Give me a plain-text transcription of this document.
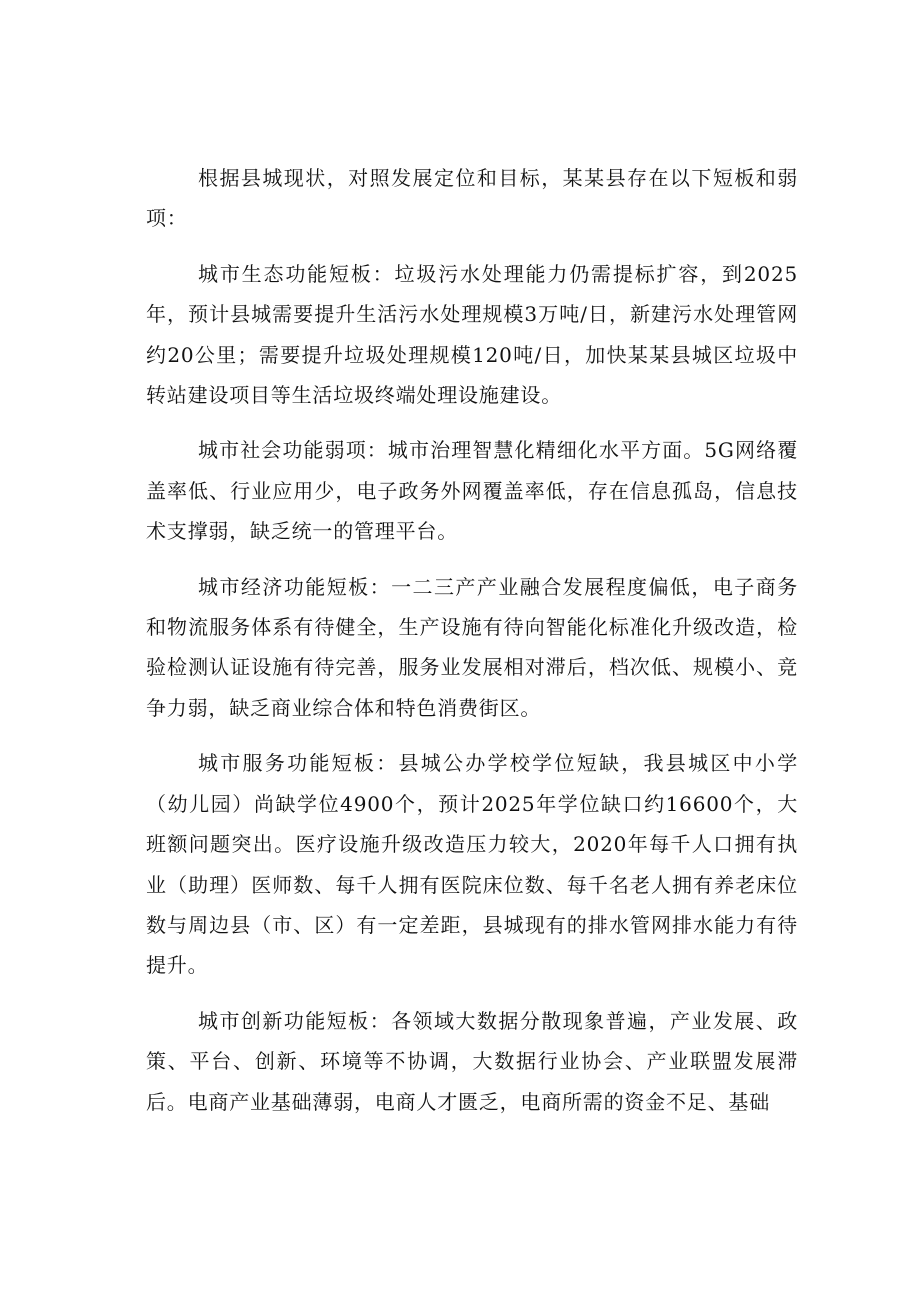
根据县城现状，对照发展定位和目标，某某县存在以下短板和弱项：

城市生态功能短板：垃圾污水处理能力仍需提标扩容，到2025年，预计县城需要提升生活污水处理规模3万吨/日，新建污水处理管网约20公里；需要提升垃圾处理规模120吨/日，加快某某县城区垃圾中转站建设项目等生活垃圾终端处理设施建设。

城市社会功能弱项：城市治理智慧化精细化水平方面。5G网络覆盖率低、行业应用少，电子政务外网覆盖率低，存在信息孤岛，信息技术支撑弱，缺乏统一的管理平台。

城市经济功能短板：一二三产产业融合发展程度偏低，电子商务和物流服务体系有待健全，生产设施有待向智能化标准化升级改造，检验检测认证设施有待完善，服务业发展相对滞后，档次低、规模小、竞争力弱，缺乏商业综合体和特色消费街区。

城市服务功能短板：县城公办学校学位短缺，我县城区中小学（幼儿园）尚缺学位4900个，预计2025年学位缺口约16600个，大班额问题突出。医疗设施升级改造压力较大，2020年每千人口拥有执业（助理）医师数、每千人拥有医院床位数、每千名老人拥有养老床位数与周边县（市、区）有一定差距，县城现有的排水管网排水能力有待提升。

城市创新功能短板：各领域大数据分散现象普遍，产业发展、政策、平台、创新、环境等不协调，大数据行业协会、产业联盟发展滞后。电商产业基础薄弱，电商人才匮乏，电商所需的资金不足、基础
